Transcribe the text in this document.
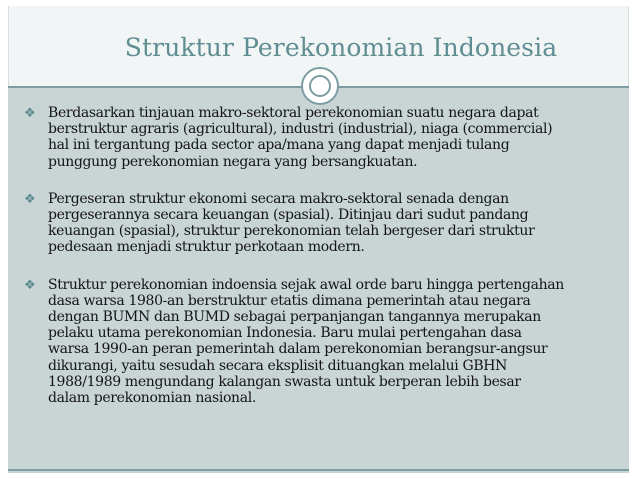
Struktur Perekonomian Indonesia
❖ Berdasarkan tinjauan makro-sektoral perekonomian suatu negara dapat
berstruktur agraris (agricultural), industri (industrial), niaga (commercial)
hal ini tergantung pada sector apa/mana yang dapat menjadi tulang
punggung perekonomian negara yang bersangkuatan.
❖ Pergeseran struktur ekonomi secara makro-sektoral senada dengan
pergeserannya secara keuangan (spasial). Ditinjau dari sudut pandang
keuangan (spasial), struktur perekonomian telah bergeser dari struktur
pedesaan menjadi struktur perkotaan modern.
❖ Struktur perekonomian indoensia sejak awal orde baru hingga pertengahan
dasa warsa 1980-an berstruktur etatis dimana pemerintah atau negara
dengan BUMN dan BUMD sebagai perpanjangan tangannya merupakan
pelaku utama perekonomian Indonesia. Baru mulai pertengahan dasa
warsa 1990-an peran pemerintah dalam perekonomian berangsur-angsur
dikurangi, yaitu sesudah secara eksplisit dituangkan melalui GBHN
1988/1989 mengundang kalangan swasta untuk berperan lebih besar
dalam perekonomian nasional.
